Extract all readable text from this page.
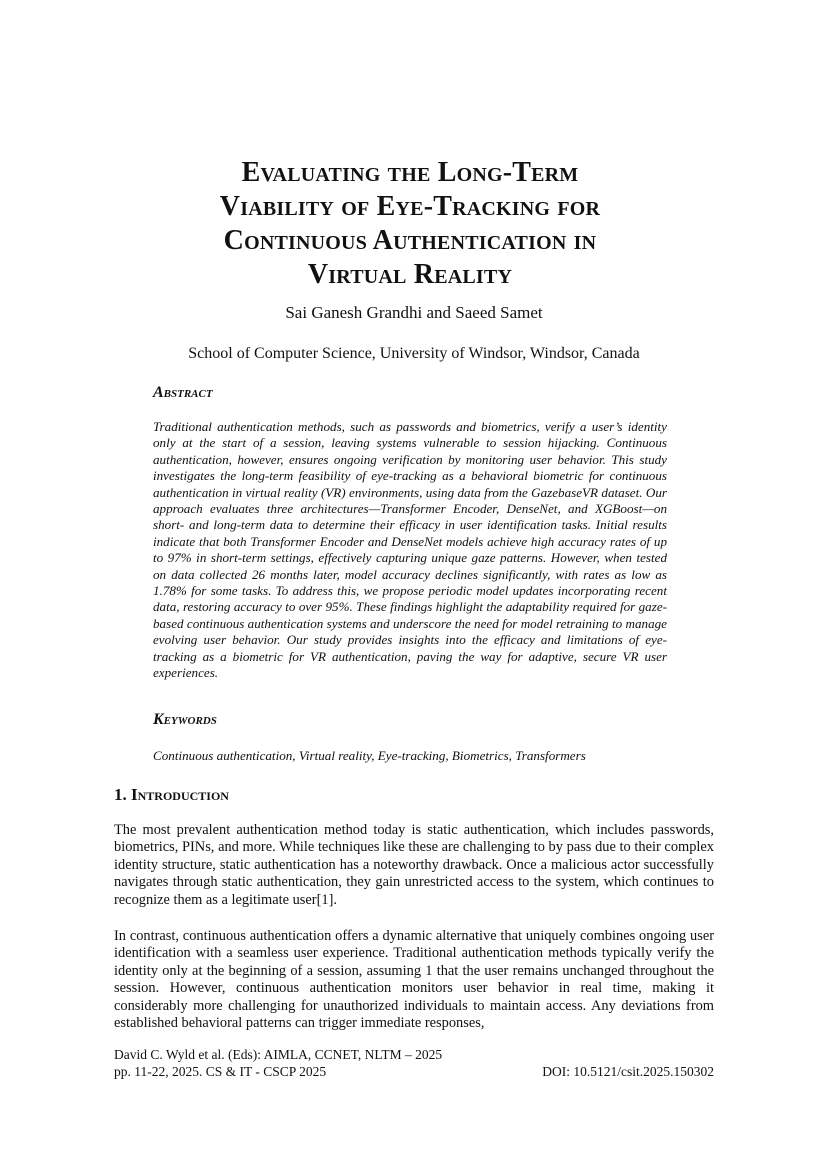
Evaluating the Long-Term
Viability of Eye-Tracking for
Continuous Authentication in
Virtual Reality
Sai Ganesh Grandhi and Saeed Samet
School of Computer Science, University of Windsor, Windsor, Canada
Abstract

Traditional authentication methods, such as passwords and biometrics, verify a user’s identity only at the start of a session, leaving systems vulnerable to session hijacking. Continuous authentication, however, ensures ongoing verification by monitoring user behavior. This study investigates the long-term feasibility of eye-tracking as a behavioral biometric for continuous authentication in virtual reality (VR) environments, using data from the GazebaseVR dataset. Our approach evaluates three architectures—Transformer Encoder, DenseNet, and XGBoost—on short- and long-term data to determine their efficacy in user identification tasks. Initial results indicate that both Transformer Encoder and DenseNet models achieve high accuracy rates of up to 97% in short-term settings, effectively capturing unique gaze patterns. However, when tested on data collected 26 months later, model accuracy declines significantly, with rates as low as 1.78% for some tasks. To address this, we propose periodic model updates incorporating recent data, restoring accuracy to over 95%. These findings highlight the adaptability required for gaze-based continuous authentication systems and underscore the need for model retraining to manage evolving user behavior. Our study provides insights into the efficacy and limitations of eye-tracking as a biometric for VR authentication, paving the way for adaptive, secure VR user experiences.

Keywords

Continuous authentication, Virtual reality, Eye-tracking, Biometrics, Transformers

1. Introduction

The most prevalent authentication method today is static authentication, which includes passwords, biometrics, PINs, and more. While techniques like these are challenging to by pass due to their complex identity structure, static authentication has a noteworthy drawback. Once a malicious actor successfully navigates through static authentication, they gain unrestricted access to the system, which continues to recognize them as a legitimate user[1].

In contrast, continuous authentication offers a dynamic alternative that uniquely combines ongoing user identification with a seamless user experience. Traditional authentication methods typically verify the identity only at the beginning of a session, assuming 1 that the user remains unchanged throughout the session. However, continuous authentication monitors user behavior in real time, making it considerably more challenging for unauthorized individuals to maintain access. Any deviations from established behavioral patterns can trigger immediate responses,

David C. Wyld et al. (Eds): AIMLA, CCNET, NLTM – 2025
pp. 11-22, 2025. CS & IT - CSCP 2025	DOI: 10.5121/csit.2025.150302
